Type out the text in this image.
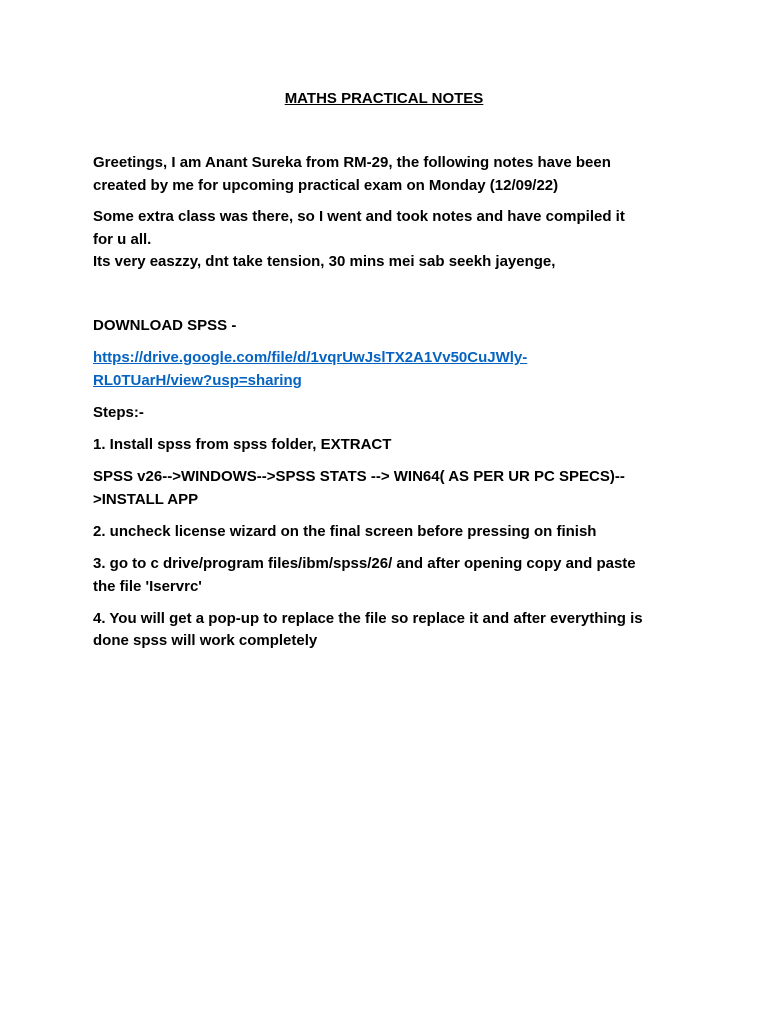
MATHS PRACTICAL NOTES
Greetings, I am Anant Sureka from RM-29, the following notes have been
created by me for upcoming practical exam on Monday (12/09/22)
Some extra class was there, so I went and took notes and have compiled it
for u all.
Its very easzzy, dnt take tension, 30 mins mei sab seekh jayenge,
DOWNLOAD SPSS -
https://drive.google.com/file/d/1vqrUwJslTX2A1Vv50CuJWly-
RL0TUarH/view?usp=sharing
Steps:-
1. Install spss from spss folder, EXTRACT
SPSS v26-->WINDOWS-->SPSS STATS --> WIN64( AS PER UR PC SPECS)--
>INSTALL APP
2. uncheck license wizard on the final screen before pressing on finish
3. go to c drive/program files/ibm/spss/26/ and after opening copy and paste
the file 'Iservrc'
4. You will get a pop-up to replace the file so replace it and after everything is
done spss will work completely
